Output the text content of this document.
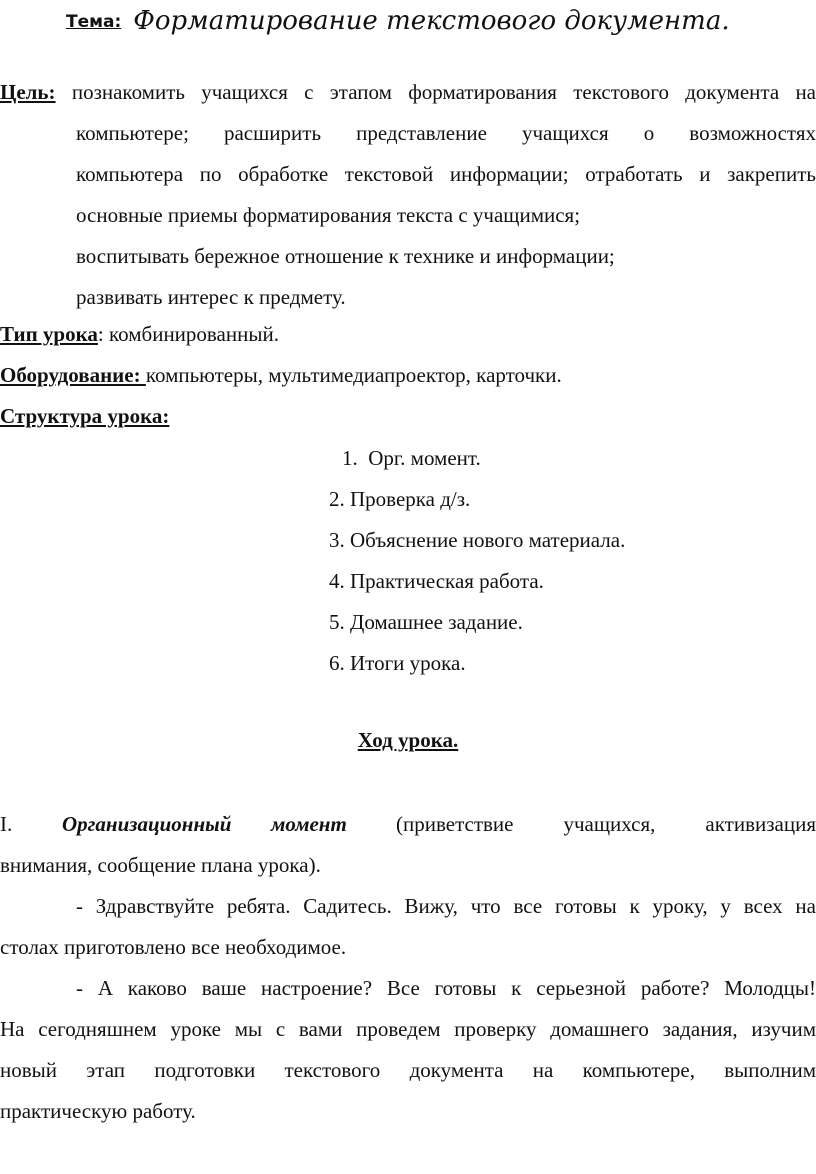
Тема: Форматирование текстового документа.
Цель: познакомить учащихся с этапом форматирования текстового документа на
компьютере; расширить представление учащихся о возможностях
компьютера по обработке текстовой информации; отработать и закрепить
основные приемы форматирования текста с учащимися;
воспитывать бережное отношение к технике и информации;
развивать интерес к предмету.
Тип урока: комбинированный.
Оборудование: компьютеры, мультимедиапроектор, карточки.
Структура урока:
1.  Орг. момент.
2. Проверка д/з.
3. Объяснение нового материала.
4. Практическая работа.
5. Домашнее задание.
6. Итоги урока.
Ход урока.
I. Организационный момент (приветствие учащихся, активизация
внимания, сообщение плана урока).
- Здравствуйте ребята. Садитесь. Вижу, что все готовы к уроку, у всех на
столах приготовлено все необходимое.
- А каково ваше настроение? Все готовы к серьезной работе? Молодцы!
На сегодняшнем уроке мы с вами проведем проверку домашнего задания, изучим
новый этап подготовки текстового документа на компьютере, выполним
практическую работу.
